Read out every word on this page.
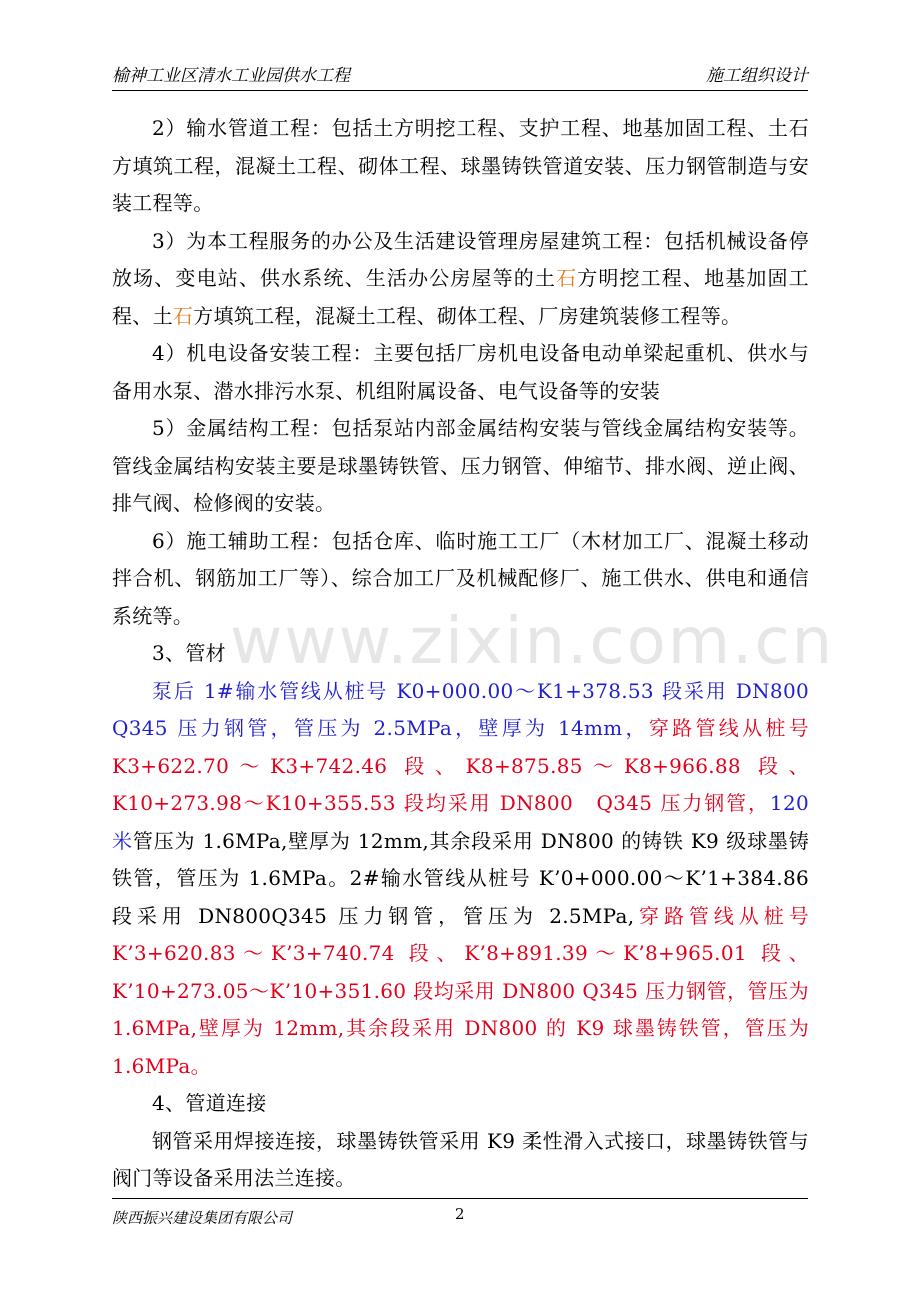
榆神工业区清水工业园供水工程	施工组织设计

2）输水管道工程：包括土方明挖工程、支护工程、地基加固工程、土石方填筑工程，混凝土工程、砌体工程、球墨铸铁管道安装、压力钢管制造与安装工程等。

3）为本工程服务的办公及生活建设管理房屋建筑工程：包括机械设备停放场、变电站、供水系统、生活办公房屋等的土石方明挖工程、地基加固工程、土石方填筑工程，混凝土工程、砌体工程、厂房建筑装修工程等。

4）机电设备安装工程：主要包括厂房机电设备电动单梁起重机、供水与备用水泵、潜水排污水泵、机组附属设备、电气设备等的安装

5）金属结构工程：包括泵站内部金属结构安装与管线金属结构安装等。管线金属结构安装主要是球墨铸铁管、压力钢管、伸缩节、排水阀、逆止阀、排气阀、检修阀的安装。

6）施工辅助工程：包括仓库、临时施工工厂（木材加工厂、混凝土移动拌合机、钢筋加工厂等）、综合加工厂及机械配修厂、施工供水、供电和通信系统等。

3、管材

泵后 1#输水管线从桩号 K0+000.00～K1+378.53 段采用 DN800　Q345 压力钢管，管压为 2.5MPa，壁厚为 14mm，穿路管线从桩号 K3+622.70～K3+742.46 段、K8+875.85～K8+966.88 段、K10+273.98～K10+355.53 段均采用 DN800　Q345 压力钢管，120 米管压为 1.6MPa,壁厚为 12mm,其余段采用 DN800 的铸铁 K9 级球墨铸铁管，管压为 1.6MPa。2#输水管线从桩号 K’0+000.00～K’1+384.86 段采用 DN800Q345 压力钢管，管压为 2.5MPa,穿路管线从桩号 K’3+620.83～K’3+740.74 段、K’8+891.39～K’8+965.01 段、K’10+273.05～K’10+351.60 段均采用 DN800 Q345 压力钢管，管压为 1.6MPa,壁厚为 12mm,其余段采用 DN800 的 K9 球墨铸铁管，管压为 1.6MPa。

4、管道连接

钢管采用焊接连接，球墨铸铁管采用 K9 柔性滑入式接口，球墨铸铁管与阀门等设备采用法兰连接。

www.zixin.com.cn
陕西振兴建设集团有限公司	2
